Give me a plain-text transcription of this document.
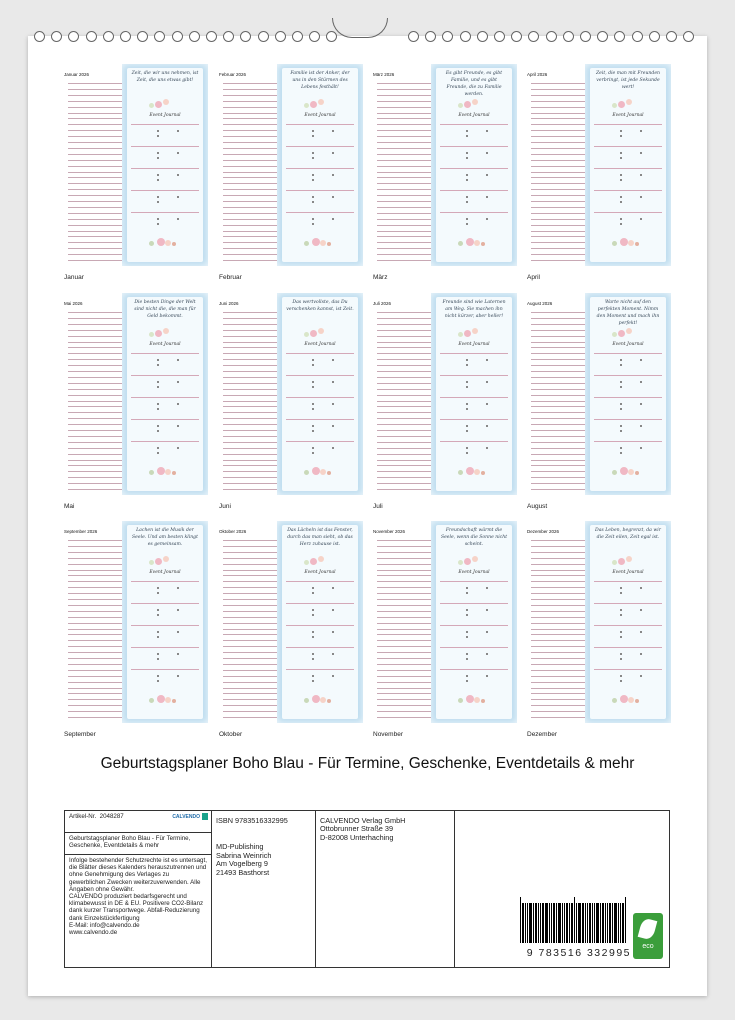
Januar 2026	Zeit, die wir uns nehmen, ist Zeit, die uns etwas gibt!
Event Journal
Januar
Februar 2026	Familie ist der Anker, der uns in den Stürmen des Lebens festhält!
Event Journal
Februar
März 2026	Es gibt Freunde, es gibt Familie, und es gibt Freunde, die zu Familie werden.
Event Journal
März
April 2026	Zeit, die man mit Freunden verbringt, ist jede Sekunde wert!
Event Journal
April
Mai 2026	Die besten Dinge der Welt sind nicht die, die man für Geld bekommt.
Event Journal
Mai
Juni 2026	Das wertvollste, das Du verschenken kannst, ist Zeit.
Event Journal
Juni
Juli 2026	Freunde sind wie Laternen am Weg. Sie machen ihn nicht kürzer, aber heller!
Event Journal
Juli
August 2026	Warte nicht auf den perfekten Moment. Nimm den Moment und mach ihn perfekt!
Event Journal
August
September 2026	Lachen ist die Musik der Seele. Und am besten klingt es gemeinsam.
Event Journal
September
Oktober 2026	Das Lächeln ist das Fenster, durch das man sieht, ob das Herz zuhause ist.
Event Journal
Oktober
November 2026	Freundschaft wärmt die Seele, wenn die Sonne nicht scheint.
Event Journal
November
Dezember 2026	Das Leben, begrenzt, da wir die Zeit eilen, Zeit egal ist.
Event Journal
Dezember
Geburtstagsplaner Boho Blau - Für Termine, Geschenke, Eventdetails & mehr
Artikel-Nr. 2048287	CALVENDO
Geburtstagsplaner Boho Blau - Für Termine, Geschenke, Eventdetails & mehr
Infolge bestehender Schutzrechte ist es untersagt, die Blätter dieses Kalenders herauszutrennen und ohne Genehmigung des Verlages zu gewerblichen Zwecken weiterzuverwenden. Alle Angaben ohne Gewähr.
CALVENDO produziert bedarfsgerecht und klimabewusst in DE & EU. Positivere CO2-Bilanz dank kurzer Transportwege. Abfall-Reduzierung dank Einzelstückfertigung
E-Mail: info@calvendo.de
www.calvendo.de
ISBN 9783516332995
MD-Publishing
Sabrina Weinrich
Am Vogelberg 9
21493 Basthorst
CALVENDO Verlag GmbH
Ottobrunner Straße 39
D-82008 Unterhaching
9 783516 332995
eco
